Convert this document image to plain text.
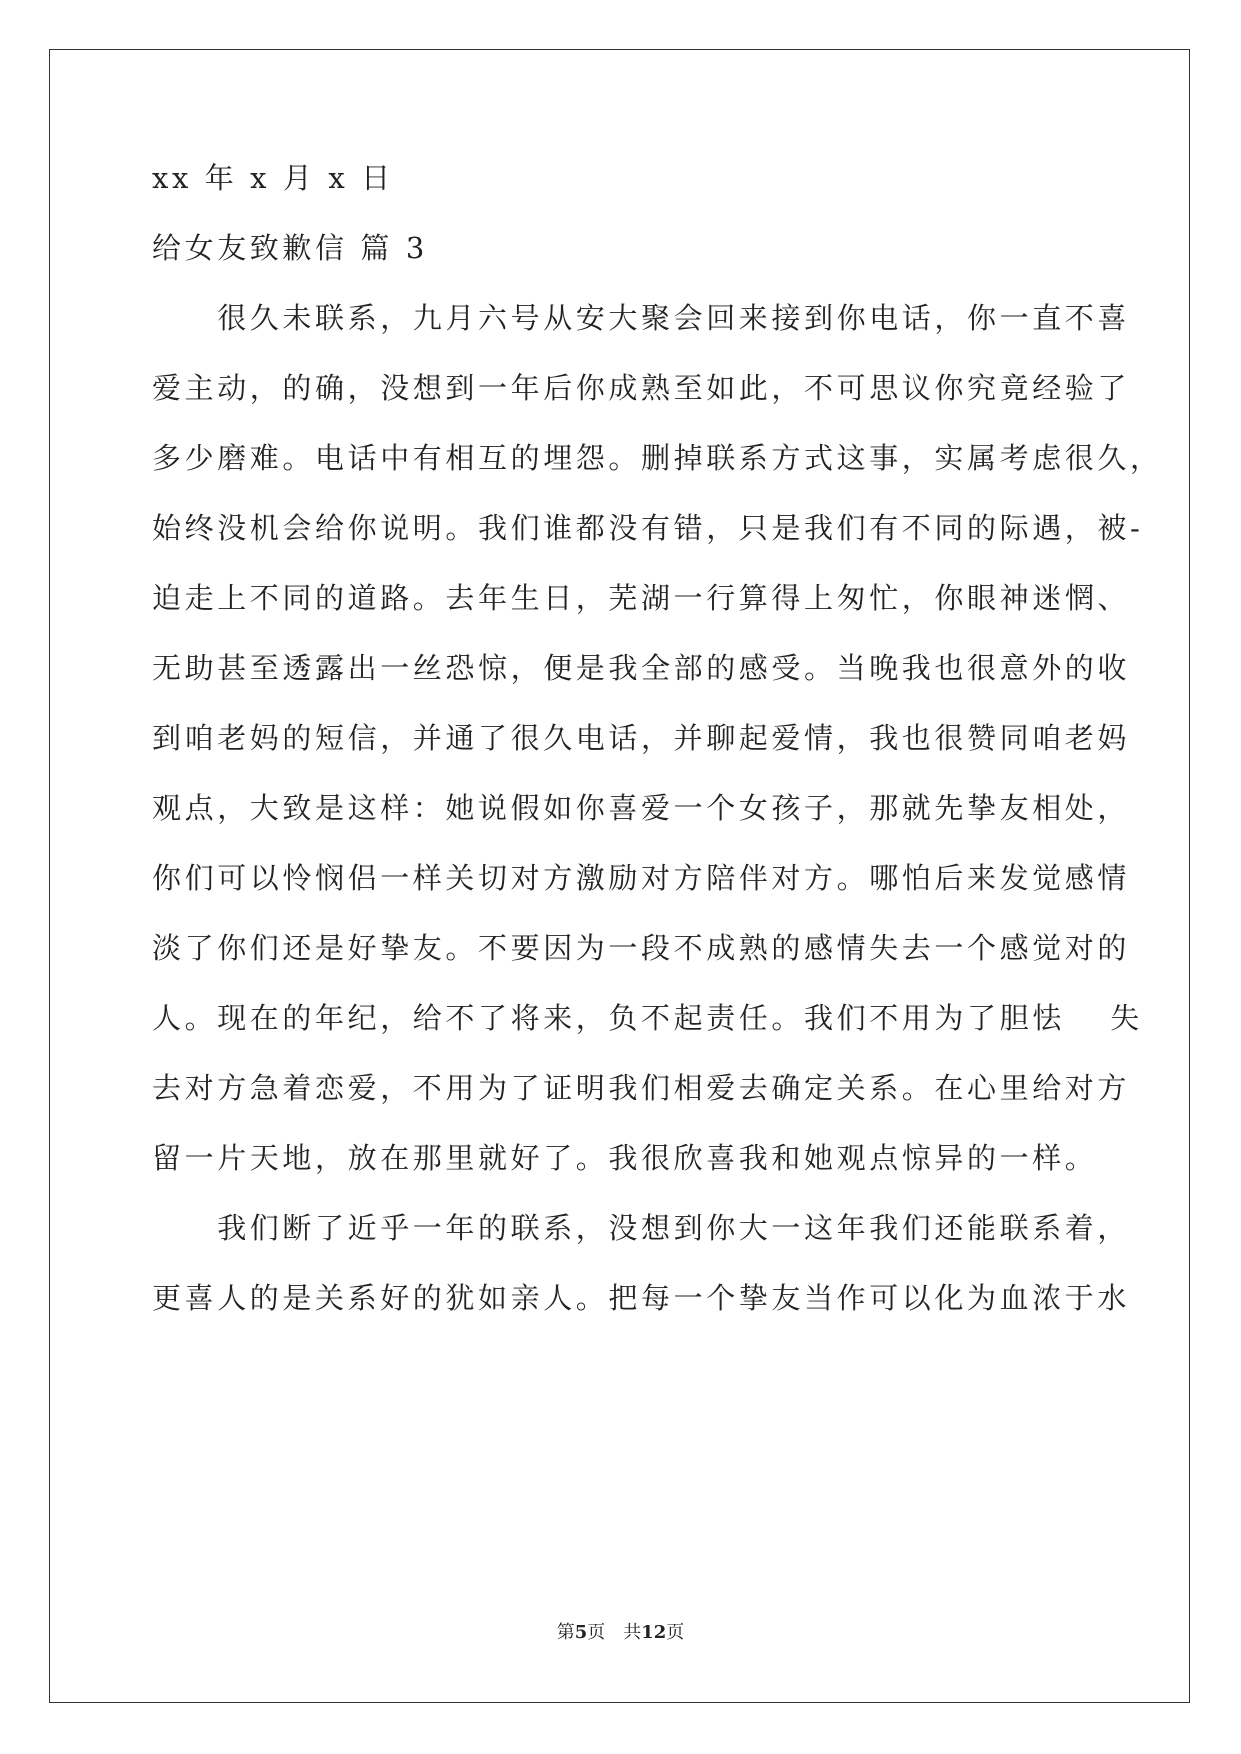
xx 年 x 月 x 日

给女友致歉信 篇 3

　　很久未联系，九月六号从安大聚会回来接到你电话，你一直不喜

爱主动，的确，没想到一年后你成熟至如此，不可思议你究竟经验了

多少磨难。电话中有相互的埋怨。删掉联系方式这事，实属考虑很久，

始终没机会给你说明。我们谁都没有错，只是我们有不同的际遇，被-

迫走上不同的道路。去年生日，芜湖一行算得上匆忙，你眼神迷惘、

无助甚至透露出一丝恐惊，便是我全部的感受。当晚我也很意外的收

到咱老妈的短信，并通了很久电话，并聊起爱情，我也很赞同咱老妈

观点，大致是这样：她说假如你喜爱一个女孩子，那就先挚友相处，

你们可以怜悯侣一样关切对方激励对方陪伴对方。哪怕后来发觉感情

淡了你们还是好挚友。不要因为一段不成熟的感情失去一个感觉对的

人。现在的年纪，给不了将来，负不起责任。我们不用为了胆怯　 失

去对方急着恋爱，不用为了证明我们相爱去确定关系。在心里给对方

留一片天地，放在那里就好了。我很欣喜我和她观点惊异的一样。

　　我们断了近乎一年的联系，没想到你大一这年我们还能联系着，

更喜人的是关系好的犹如亲人。把每一个挚友当作可以化为血浓于水

第5页　共12页
